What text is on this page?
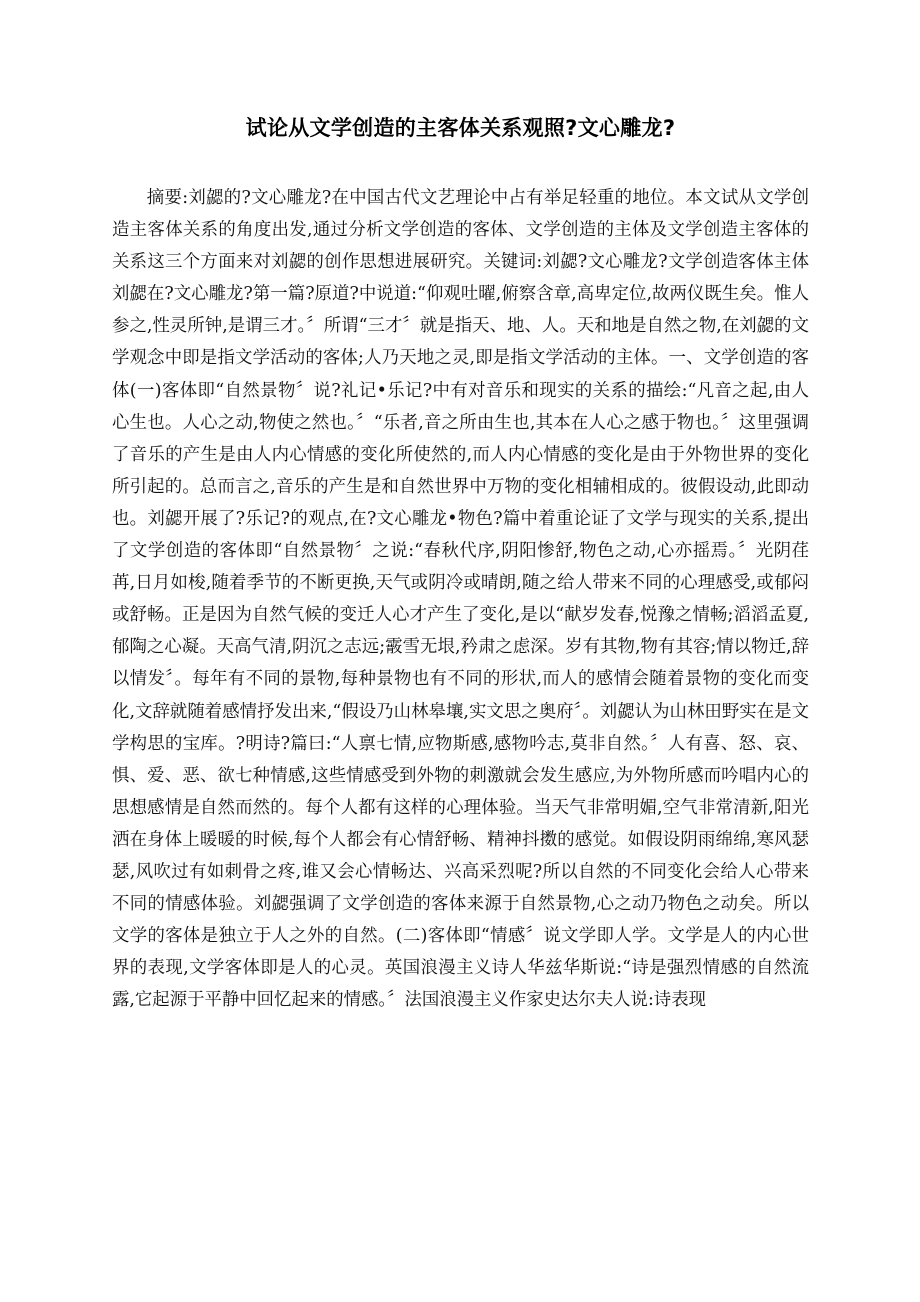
试论从文学创造的主客体关系观照?文心雕龙?

摘要:刘勰的?文心雕龙?在中国古代文艺理论中占有举足轻重的地位。本文试从文学创造主客体关系的角度出发,通过分析文学创造的客体、文学创造的主体及文学创造主客体的关系这三个方面来对刘勰的创作思想进展研究。关键词:刘勰?文心雕龙?文学创造客体主体刘勰在?文心雕龙?第一篇?原道?中说道:“仰观吐曜,俯察含章,高卑定位,故两仪既生矣。惟人参之,性灵所钟,是谓三才。〞所谓“三才〞就是指天、地、人。天和地是自然之物,在刘勰的文学观念中即是指文学活动的客体;人乃天地之灵,即是指文学活动的主体。一、文学创造的客体(一)客体即“自然景物〞说?礼记•乐记?中有对音乐和现实的关系的描绘:“凡音之起,由人心生也。人心之动,物使之然也。〞“乐者,音之所由生也,其本在人心之感于物也。〞这里强调了音乐的产生是由人内心情感的变化所使然的,而人内心情感的变化是由于外物世界的变化所引起的。总而言之,音乐的产生是和自然世界中万物的变化相辅相成的。彼假设动,此即动也。刘勰开展了?乐记?的观点,在?文心雕龙•物色?篇中着重论证了文学与现实的关系,提出了文学创造的客体即“自然景物〞之说:“春秋代序,阴阳惨舒,物色之动,心亦摇焉。〞光阴荏苒,日月如梭,随着季节的不断更换,天气或阴冷或晴朗,随之给人带来不同的心理感受,或郁闷或舒畅。正是因为自然气候的变迁人心才产生了变化,是以“献岁发春,悦豫之情畅;滔滔孟夏,郁陶之心凝。天高气清,阴沉之志远;霰雪无垠,矜肃之虑深。岁有其物,物有其容;情以物迁,辞以情发〞。每年有不同的景物,每种景物也有不同的形状,而人的感情会随着景物的变化而变化,文辞就随着感情抒发出来,“假设乃山林皋壤,实文思之奥府〞。刘勰认为山林田野实在是文学构思的宝库。?明诗?篇曰:“人禀七情,应物斯感,感物吟志,莫非自然。〞人有喜、怒、哀、惧、爱、恶、欲七种情感,这些情感受到外物的刺激就会发生感应,为外物所感而吟唱内心的思想感情是自然而然的。每个人都有这样的心理体验。当天气非常明媚,空气非常清新,阳光洒在身体上暖暖的时候,每个人都会有心情舒畅、精神抖擞的感觉。如假设阴雨绵绵,寒风瑟瑟,风吹过有如刺骨之疼,谁又会心情畅达、兴高采烈呢?所以自然的不同变化会给人心带来不同的情感体验。刘勰强调了文学创造的客体来源于自然景物,心之动乃物色之动矣。所以文学的客体是独立于人之外的自然。(二)客体即“情感〞说文学即人学。文学是人的内心世界的表现,文学客体即是人的心灵。英国浪漫主义诗人华兹华斯说:“诗是强烈情感的自然流露,它起源于平静中回忆起来的情感。〞法国浪漫主义作家史达尔夫人说:诗表现
